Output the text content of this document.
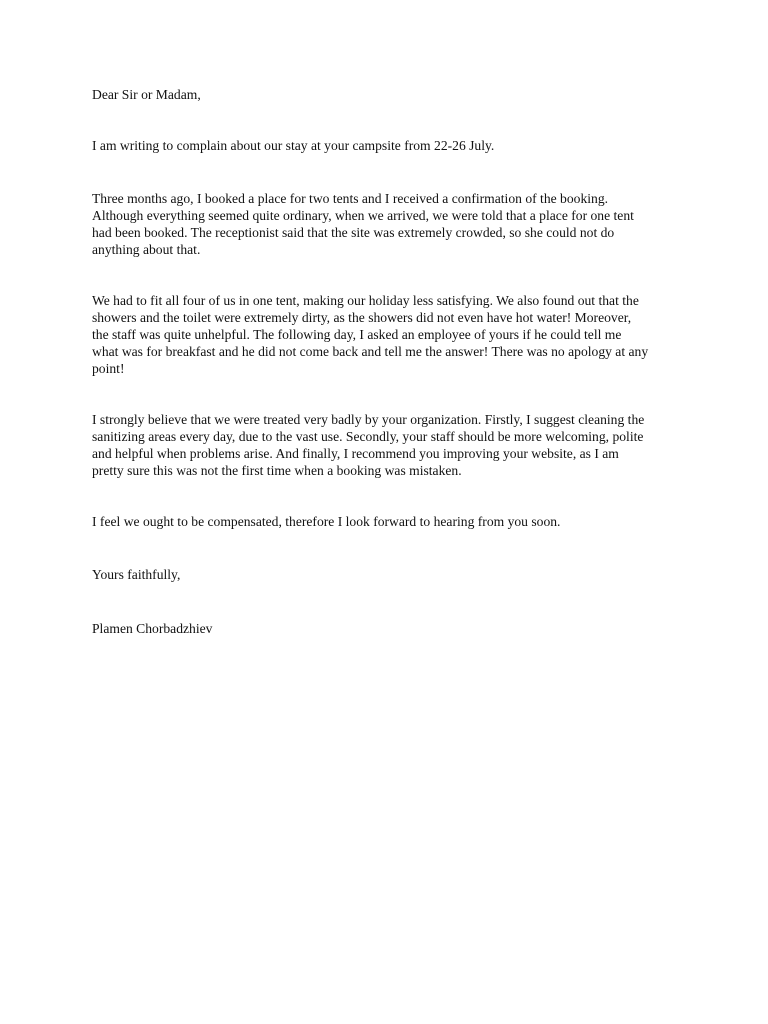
Dear Sir or Madam,

I am writing to complain about our stay at your campsite from 22-26 July.

Three months ago, I booked a place for two tents and I received a confirmation of the booking.
Although everything seemed quite ordinary, when we arrived, we were told that a place for one tent
had been booked. The receptionist said that the site was extremely crowded, so she could not do
anything about that.

We had to fit all four of us in one tent, making our holiday less satisfying. We also found out that the
showers and the toilet were extremely dirty, as the showers did not even have hot water! Moreover,
the staff was quite unhelpful. The following day, I asked an employee of yours if he could tell me
what was for breakfast and he did not come back and tell me the answer! There was no apology at any
point!

I strongly believe that we were treated very badly by your organization. Firstly, I suggest cleaning the
sanitizing areas every day, due to the vast use. Secondly, your staff should be more welcoming, polite
and helpful when problems arise. And finally, I recommend you improving your website, as I am
pretty sure this was not the first time when a booking was mistaken.

I feel we ought to be compensated, therefore I look forward to hearing from you soon.

Yours faithfully,

Plamen Chorbadzhiev
